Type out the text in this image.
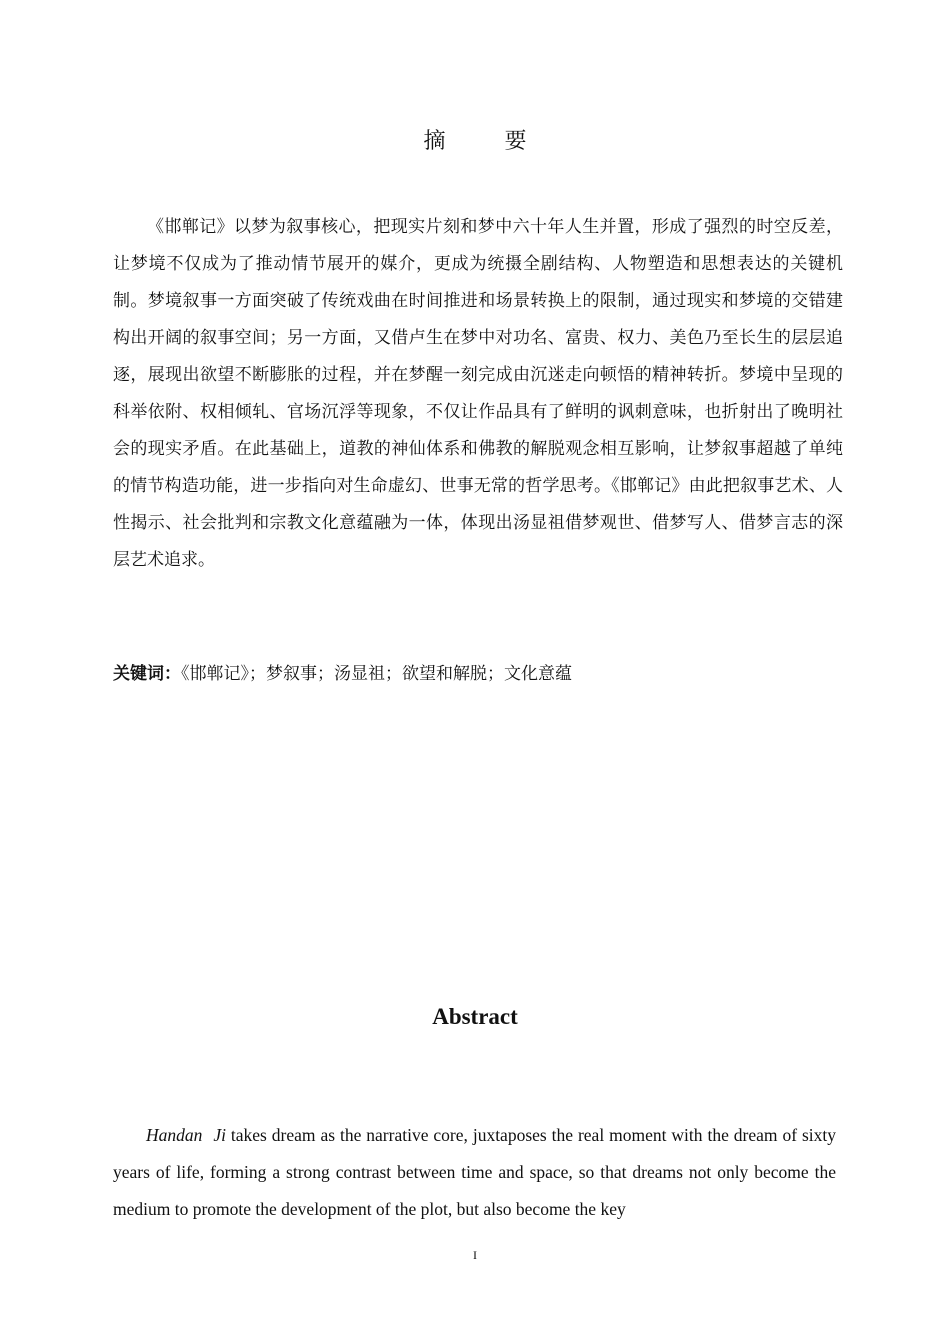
摘 要

《邯郸记》以梦为叙事核心，把现实片刻和梦中六十年人生并置，形成了强烈的时空反差，让梦境不仅成为了推动情节展开的媒介，更成为统摄全剧结构、人物塑造和思想表达的关键机制。梦境叙事一方面突破了传统戏曲在时间推进和场景转换上的限制，通过现实和梦境的交错建构出开阔的叙事空间；另一方面，又借卢生在梦中对功名、富贵、权力、美色乃至长生的层层追逐，展现出欲望不断膨胀的过程，并在梦醒一刻完成由沉迷走向顿悟的精神转折。梦境中呈现的科举依附、权相倾轧、官场沉浮等现象，不仅让作品具有了鲜明的讽刺意味，也折射出了晚明社会的现实矛盾。在此基础上，道教的神仙体系和佛教的解脱观念相互影响，让梦叙事超越了单纯的情节构造功能，进一步指向对生命虚幻、世事无常的哲学思考。《邯郸记》由此把叙事艺术、人性揭示、社会批判和宗教文化意蕴融为一体，体现出汤显祖借梦观世、借梦写人、借梦言志的深层艺术追求。

关键词：《邯郸记》；梦叙事；汤显祖；欲望和解脱；文化意蕴

Abstract

Handan Ji takes dream as the narrative core, juxtaposes the real moment with the dream of sixty years of life, forming a strong contrast between time and space, so that dreams not only become the medium to promote the development of the plot, but also become the key

I
